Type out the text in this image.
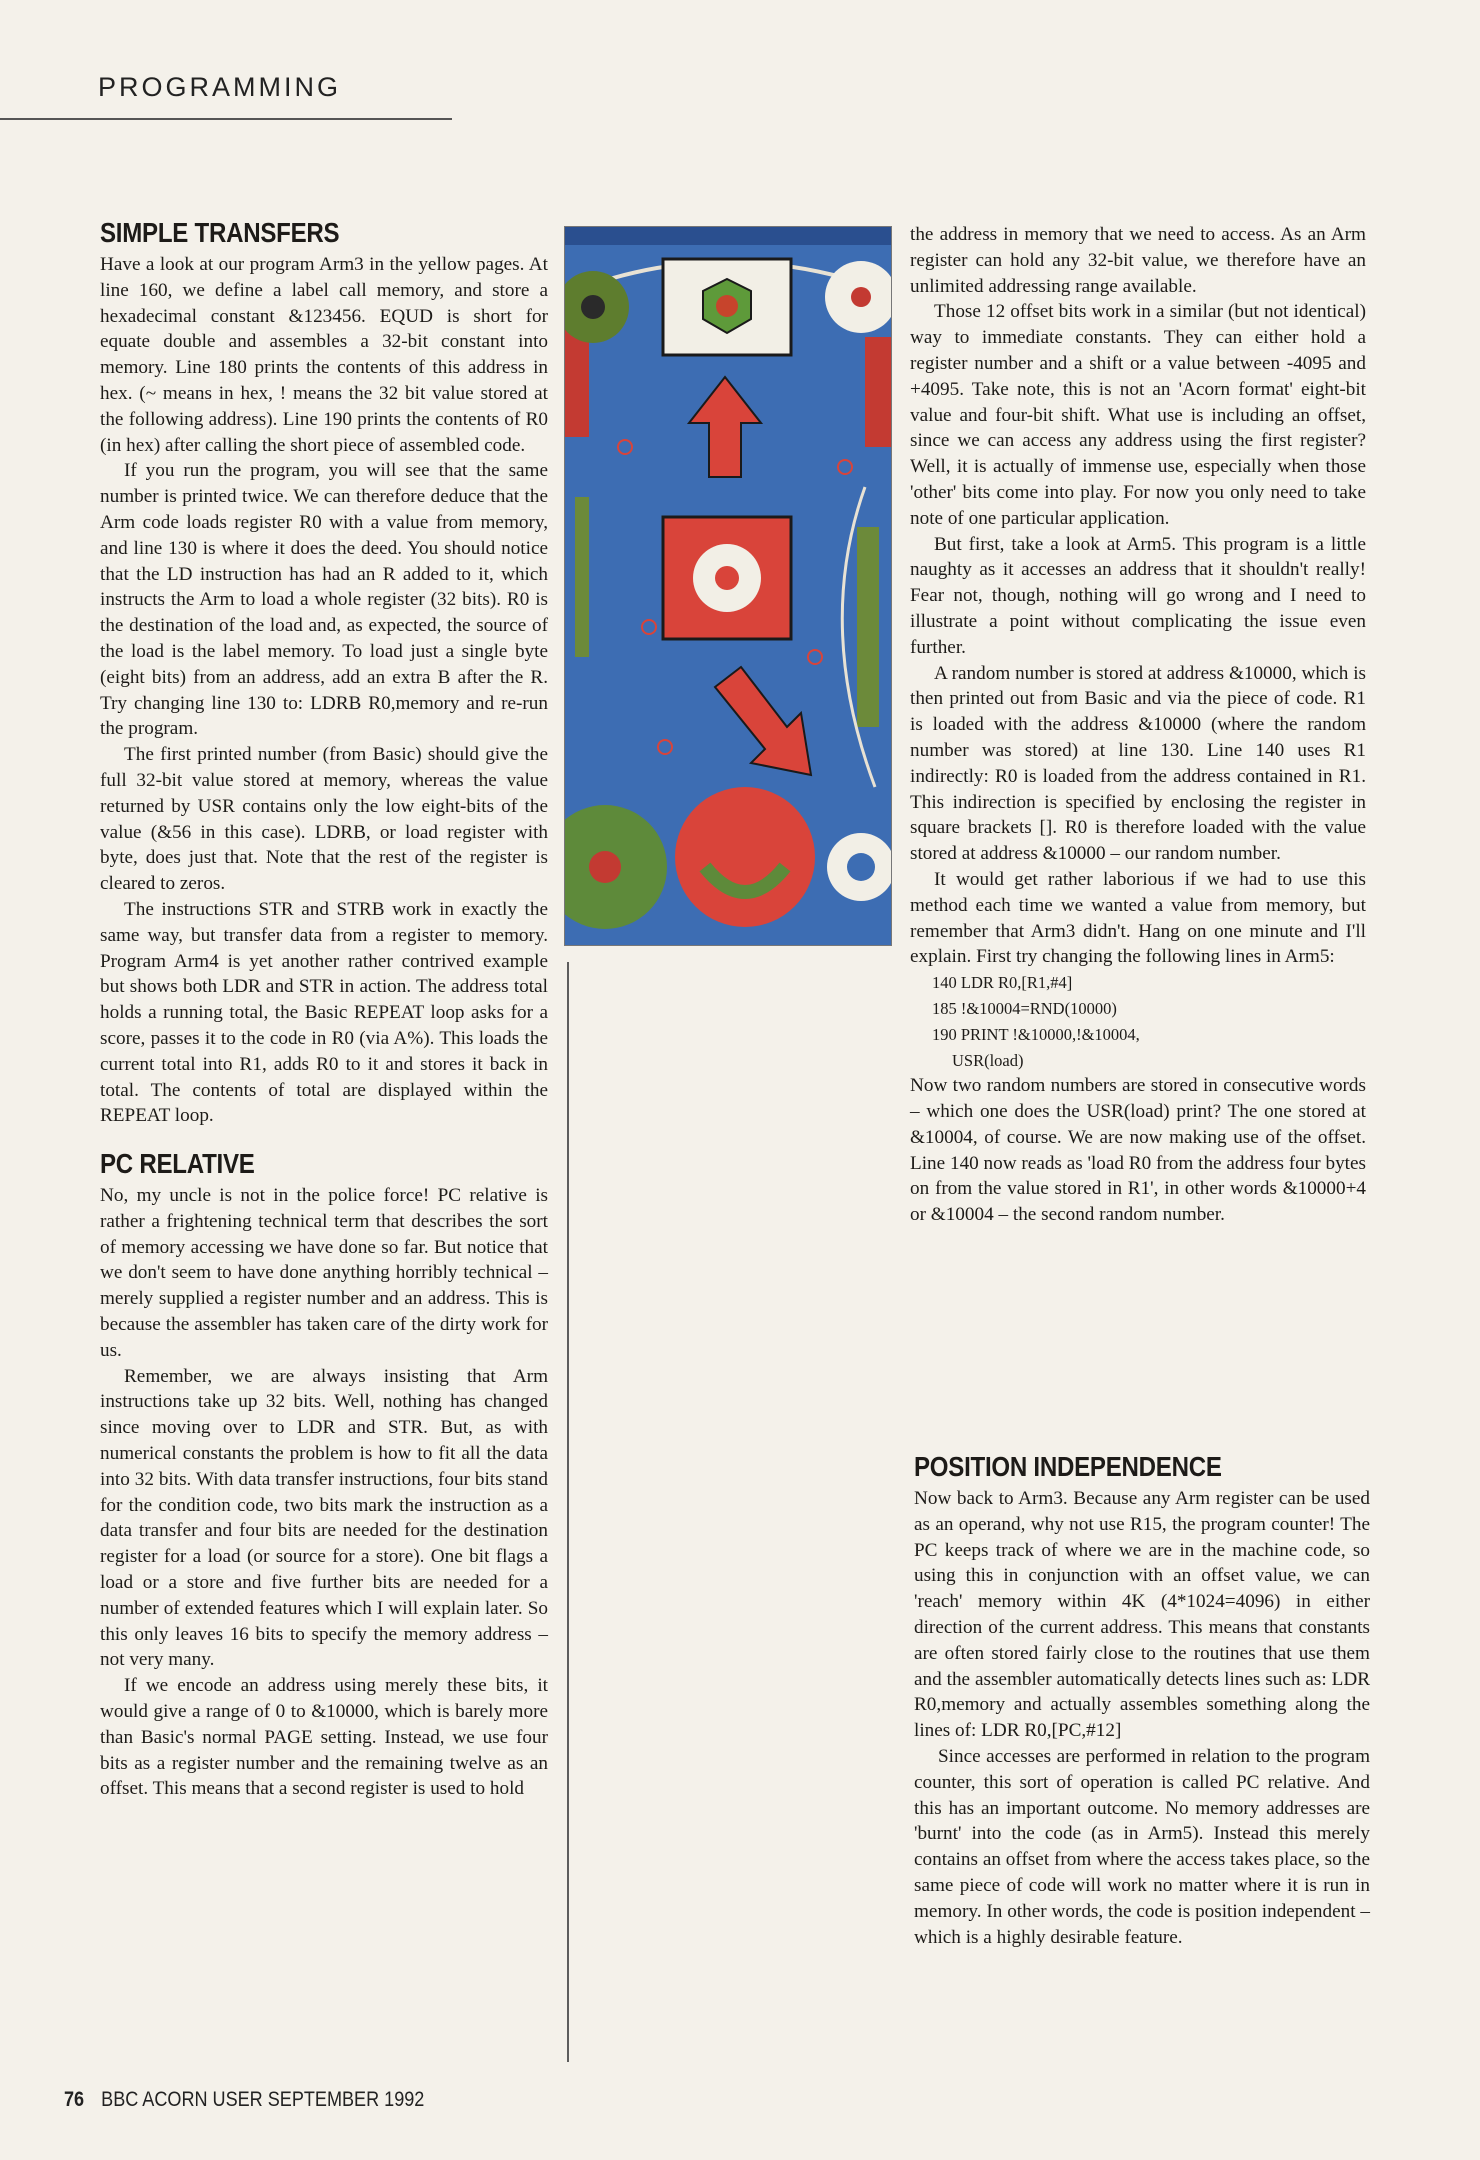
PROGRAMMING
SIMPLE TRANSFERS

Have a look at our program Arm3 in the yellow pages. At line 160, we define a label call memory, and store a hexadecimal constant &123456. EQUD is short for equate double and assembles a 32-bit constant into memory. Line 180 prints the contents of this address in hex. (~ means in hex, ! means the 32 bit value stored at the following address). Line 190 prints the contents of R0 (in hex) after calling the short piece of assembled code.

If you run the program, you will see that the same number is printed twice. We can therefore deduce that the Arm code loads register R0 with a value from memory, and line 130 is where it does the deed. You should notice that the LD instruction has had an R added to it, which instructs the Arm to load a whole register (32 bits). R0 is the destination of the load and, as expected, the source of the load is the label memory. To load just a single byte (eight bits) from an address, add an extra B after the R. Try changing line 130 to: LDRB R0,memory and re-run the program.

The first printed number (from Basic) should give the full 32-bit value stored at memory, whereas the value returned by USR contains only the low eight-bits of the value (&56 in this case). LDRB, or load register with byte, does just that. Note that the rest of the register is cleared to zeros.

The instructions STR and STRB work in exactly the same way, but transfer data from a register to memory. Program Arm4 is yet another rather contrived example but shows both LDR and STR in action. The address total holds a running total, the Basic REPEAT loop asks for a score, passes it to the code in R0 (via A%). This loads the current total into R1, adds R0 to it and stores it back in total. The contents of total are displayed within the REPEAT loop.

PC RELATIVE

No, my uncle is not in the police force! PC relative is rather a frightening technical term that describes the sort of memory accessing we have done so far. But notice that we don't seem to have done anything horribly technical – merely supplied a register number and an address. This is because the assembler has taken care of the dirty work for us.

Remember, we are always insisting that Arm instructions take up 32 bits. Well, nothing has changed since moving over to LDR and STR. But, as with numerical constants the problem is how to fit all the data into 32 bits. With data transfer instructions, four bits stand for the condition code, two bits mark the instruction as a data transfer and four bits are needed for the destination register for a load (or source for a store). One bit flags a load or a store and five further bits are needed for a number of extended features which I will explain later. So this only leaves 16 bits to specify the memory address – not very many.

If we encode an address using merely these bits, it would give a range of 0 to &10000, which is barely more than Basic's normal PAGE setting. Instead, we use four bits as a register number and the remaining twelve as an offset. This means that a second register is used to hold

the address in memory that we need to access. As an Arm register can hold any 32-bit value, we therefore have an unlimited addressing range available.

Those 12 offset bits work in a similar (but not identical) way to immediate constants. They can either hold a register number and a shift or a value between -4095 and +4095. Take note, this is not an 'Acorn format' eight-bit value and four-bit shift. What use is including an offset, since we can access any address using the first register? Well, it is actually of immense use, especially when those 'other' bits come into play. For now you only need to take note of one particular application.

But first, take a look at Arm5. This program is a little naughty as it accesses an address that it shouldn't really! Fear not, though, nothing will go wrong and I need to illustrate a point without complicating the issue even further.

A random number is stored at address &10000, which is then printed out from Basic and via the piece of code. R1 is loaded with the address &10000 (where the random number was stored) at line 130. Line 140 uses R1 indirectly: R0 is loaded from the address contained in R1. This indirection is specified by enclosing the register in square brackets []. R0 is therefore loaded with the value stored at address &10000 – our random number.

It would get rather laborious if we had to use this method each time we wanted a value from memory, but remember that Arm3 didn't. Hang on one minute and I'll explain. First try changing the following lines in Arm5:

140 LDR R0,[R1,#4]

185 !&10004=RND(10000)

190 PRINT !&10000,!&10004,

USR(load)

Now two random numbers are stored in consecutive words – which one does the USR(load) print? The one stored at &10004, of course. We are now making use of the offset. Line 140 now reads as 'load R0 from the address four bytes on from the value stored in R1', in other words &10000+4 or &10004 – the second random number.

POSITION INDEPENDENCE

Now back to Arm3. Because any Arm register can be used as an operand, why not use R15, the program counter! The PC keeps track of where we are in the machine code, so using this in conjunction with an offset value, we can 'reach' memory within 4K (4*1024=4096) in either direction of the current address. This means that constants are often stored fairly close to the routines that use them and the assembler automatically detects lines such as: LDR R0,memory and actually assembles something along the lines of: LDR R0,[PC,#12]

Since accesses are performed in relation to the program counter, this sort of operation is called PC relative. And this has an important outcome. No memory addresses are 'burnt' into the code (as in Arm5). Instead this merely contains an offset from where the access takes place, so the same piece of code will work no matter where it is run in memory. In other words, the code is position independent – which is a highly desirable feature.

76 BBC ACORN USER SEPTEMBER 1992
